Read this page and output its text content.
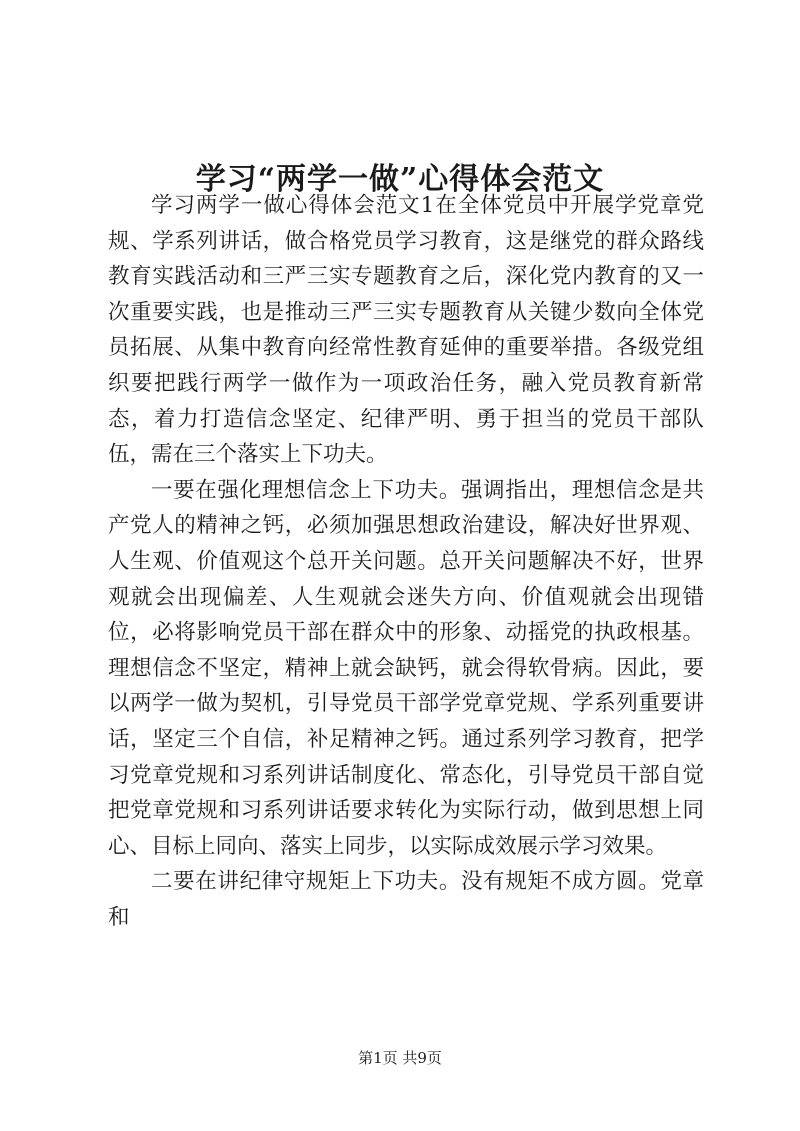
学习“两学一做”心得体会范文

学习两学一做心得体会范文1在全体党员中开展学党章党规、学系列讲话，做合格党员学习教育，这是继党的群众路线教育实践活动和三严三实专题教育之后，深化党内教育的又一次重要实践，也是推动三严三实专题教育从关键少数向全体党员拓展、从集中教育向经常性教育延伸的重要举措。各级党组织要把践行两学一做作为一项政治任务，融入党员教育新常态，着力打造信念坚定、纪律严明、勇于担当的党员干部队伍，需在三个落实上下功夫。

一要在强化理想信念上下功夫。强调指出，理想信念是共产党人的精神之钙，必须加强思想政治建设，解决好世界观、人生观、价值观这个总开关问题。总开关问题解决不好，世界观就会出现偏差、人生观就会迷失方向、价值观就会出现错位，必将影响党员干部在群众中的形象、动摇党的执政根基。理想信念不坚定，精神上就会缺钙，就会得软骨病。因此，要以两学一做为契机，引导党员干部学党章党规、学系列重要讲话，坚定三个自信，补足精神之钙。通过系列学习教育，把学习党章党规和习系列讲话制度化、常态化，引导党员干部自觉把党章党规和习系列讲话要求转化为实际行动，做到思想上同心、目标上同向、落实上同步，以实际成效展示学习效果。

二要在讲纪律守规矩上下功夫。没有规矩不成方圆。党章和

第1页 共9页
